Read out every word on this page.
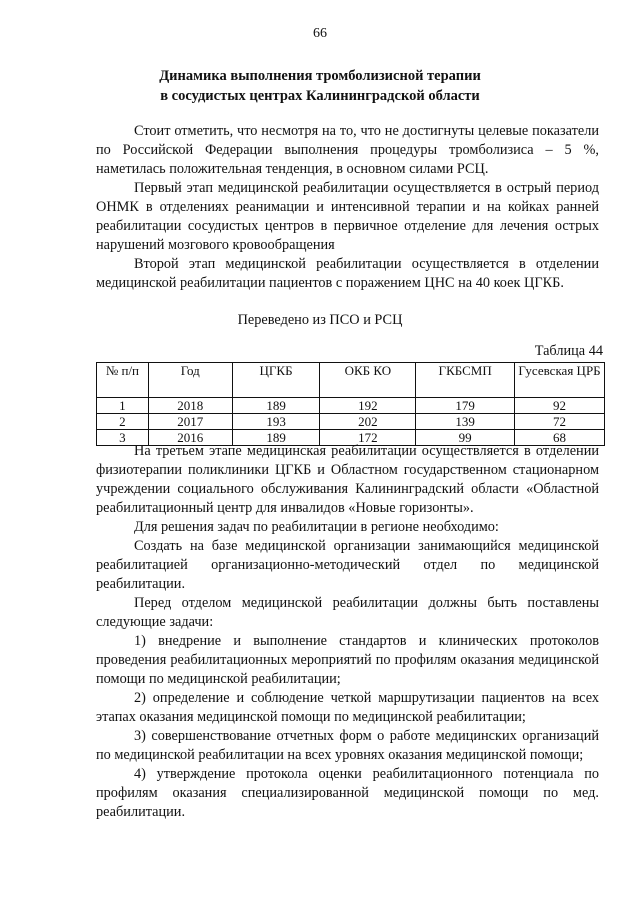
66
Динамика выполнения тромболизисной терапии
в сосудистых центрах Калининградской области

Стоит отметить, что несмотря на то, что не достигнуты целевые показатели по Российской Федерации выполнения процедуры тромболизиса – 5 %, наметилась положительная тенденция, в основном силами РСЦ.

Первый этап медицинской реабилитации осуществляется в острый период ОНМК в отделениях реанимации и интенсивной терапии и на койках ранней реабилитации сосудистых центров в первичное отделение для лечения острых нарушений мозгового кровообращения

Второй этап медицинской реабилитации осуществляется в отделении медицинской реабилитации пациентов с поражением ЦНС на 40 коек ЦГКБ.

Переведено из ПСО и РСЦ
Таблица 44
№ п/п	Год	ЦГКБ	ОКБ КО	ГКБСМП	Гусевская ЦРБ
1	2018	189	192	179	92
2	2017	193	202	139	72
3	2016	189	172	99	68

На третьем этапе медицинская реабилитации осуществляется в отделении физиотерапии поликлиники ЦГКБ и Областном государственном стационарном учреждении социального обслуживания Калининградский области «Областной реабилитационный центр для инвалидов «Новые горизонты».

Для решения задач по реабилитации в регионе необходимо:

Создать на базе медицинской организации занимающийся медицинской реабилитацией организационно-методический отдел по медицинской реабилитации.

Перед отделом медицинской реабилитации должны быть поставлены следующие задачи:

1) внедрение и выполнение стандартов и клинических протоколов проведения реабилитационных мероприятий по профилям оказания медицинской помощи по медицинской реабилитации;

2) определение и соблюдение четкой маршрутизации пациентов на всех этапах оказания медицинской помощи по медицинской реабилитации;

3) совершенствование отчетных форм о работе медицинских организаций по медицинской реабилитации на всех уровнях оказания медицинской помощи;

4) утверждение протокола оценки реабилитационного потенциала по профилям оказания специализированной медицинской помощи по мед. реабилитации.
